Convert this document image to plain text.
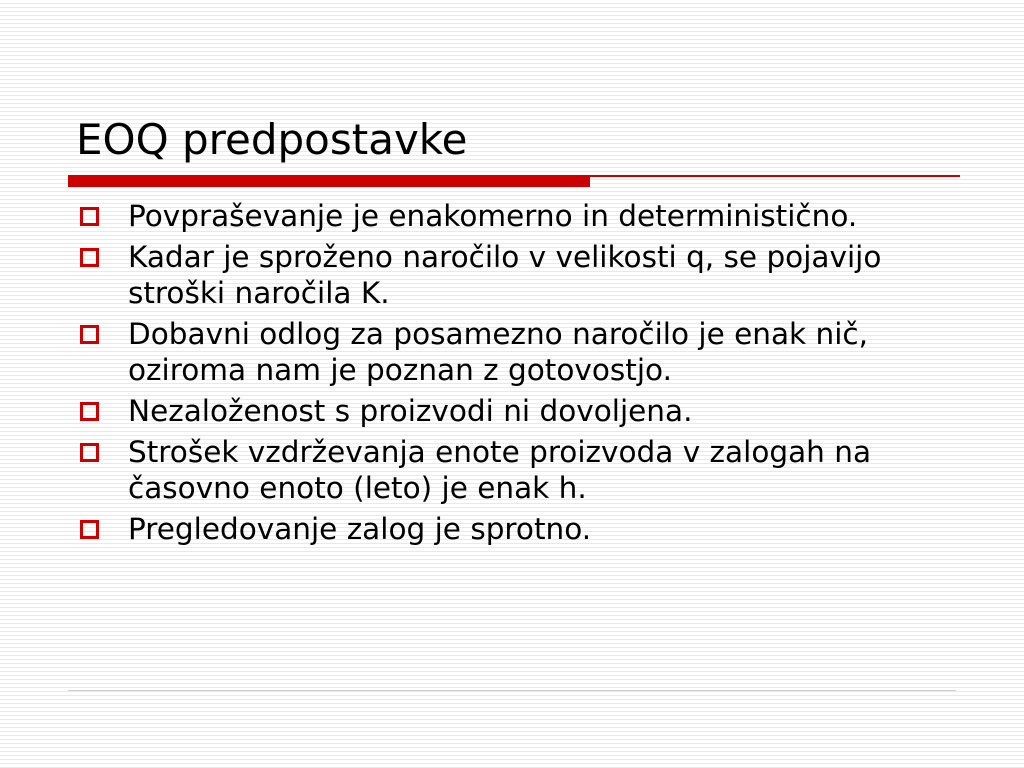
EOQ predpostavke
Povpraševanje je enakomerno in deterministično.
Kadar je sproženo naročilo v velikosti q, se pojavijo stroški naročila K.
Dobavni odlog za posamezno naročilo je enak nič, oziroma nam je poznan z gotovostjo.
Nezaloženost s proizvodi ni dovoljena.
Strošek vzdrževanja enote proizvoda v zalogah na časovno enoto (leto) je enak h.
Pregledovanje zalog je sprotno.
